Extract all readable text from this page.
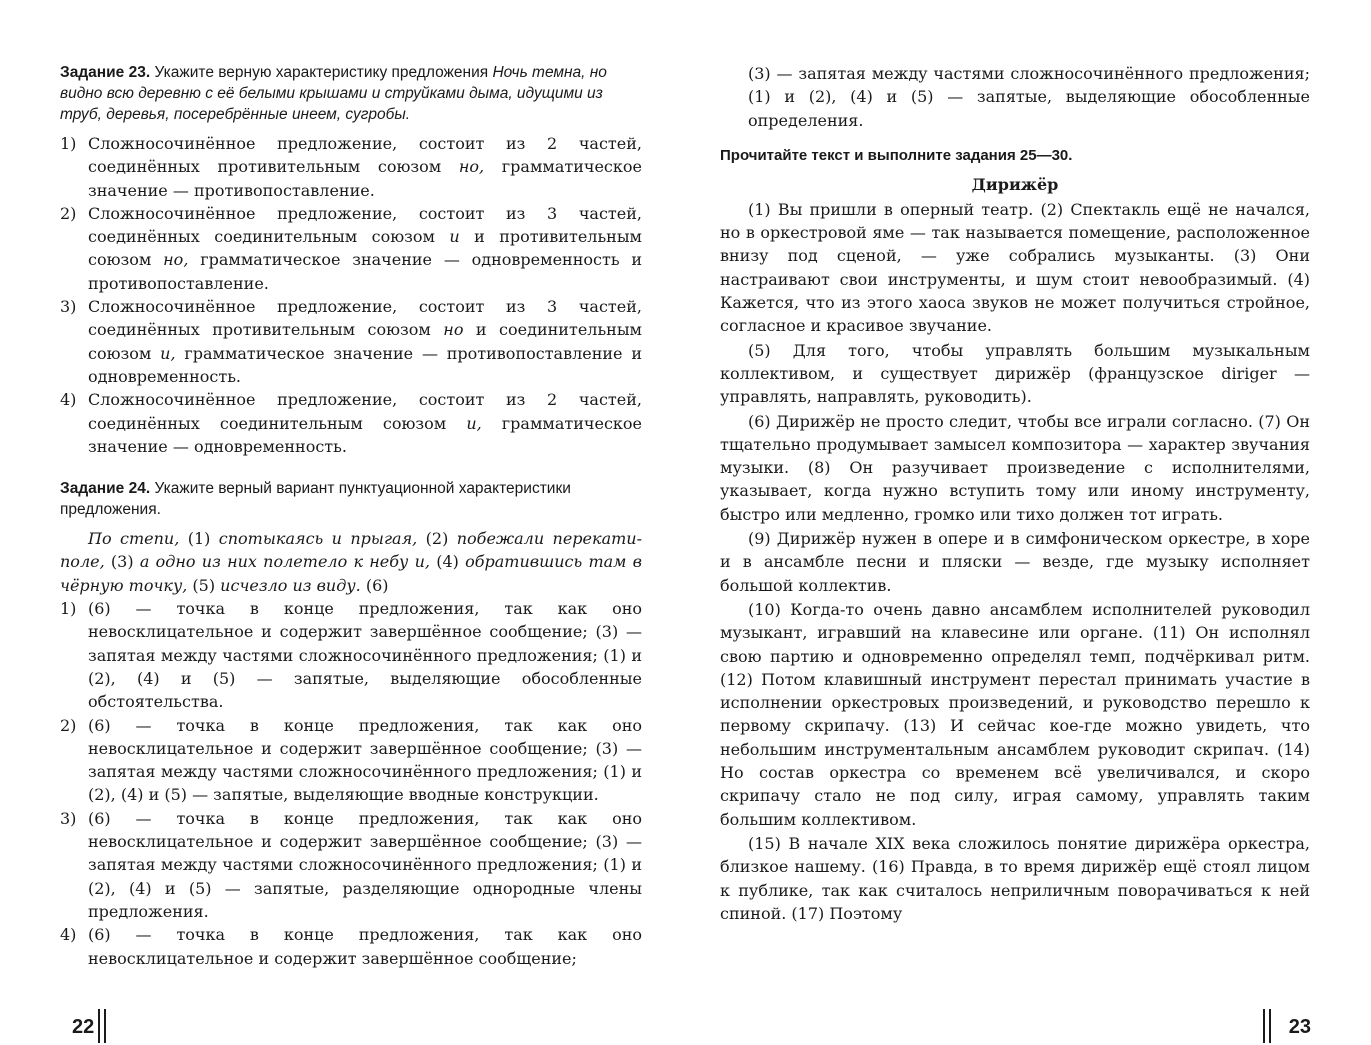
Задание 23. Укажите верную характеристику предложения Ночь темна, но видно всю деревню с её белыми крышами и струйками дыма, идущими из труб, деревья, посеребрённые инеем, сугробы.
1) Сложносочинённое предложение, состоит из 2 частей, соединённых противительным союзом но, грамматическое значение — противопоставление.
2) Сложносочинённое предложение, состоит из 3 частей, соединённых соединительным союзом и и противительным союзом но, грамматическое значение — одновременность и противопоставление.
3) Сложносочинённое предложение, состоит из 3 частей, соединённых противительным союзом но и соединительным союзом и, грамматическое значение — противопоставление и одновременность.
4) Сложносочинённое предложение, состоит из 2 частей, соединённых соединительным союзом и, грамматическое значение — одновременность.
Задание 24. Укажите верный вариант пунктуационной характеристики предложения.
По степи, (1) спотыкаясь и прыгая, (2) побежали перекати-поле, (3) а одно из них полетело к небу и, (4) обратившись там в чёрную точку, (5) исчезло из виду. (6)
1) (6) — точка в конце предложения, так как оно невосклицательное и содержит завершённое сообщение; (3) — запятая между частями сложносочинённого предложения; (1) и (2), (4) и (5) — запятые, выделяющие обособленные обстоятельства.
2) (6) — точка в конце предложения, так как оно невосклицательное и содержит завершённое сообщение; (3) — запятая между частями сложносочинённого предложения; (1) и (2), (4) и (5) — запятые, выделяющие вводные конструкции.
3) (6) — точка в конце предложения, так как оно невосклицательное и содержит завершённое сообщение; (3) — запятая между частями сложносочинённого предложения; (1) и (2), (4) и (5) — запятые, разделяющие однородные члены предложения.
4) (6) — точка в конце предложения, так как оно невосклицательное и содержит завершённое сообщение;
22
(3) — запятая между частями сложносочинённого предложения; (1) и (2), (4) и (5) — запятые, выделяющие обособленные определения.
Прочитайте текст и выполните задания 25—30.
Дирижёр
(1) Вы пришли в оперный театр. (2) Спектакль ещё не начался, но в оркестровой яме — так называется помещение, расположенное внизу под сценой, — уже собрались музыканты. (3) Они настраивают свои инструменты, и шум стоит невообразимый. (4) Кажется, что из этого хаоса звуков не может получиться стройное, согласное и красивое звучание.
(5) Для того, чтобы управлять большим музыкальным коллективом, и существует дирижёр (французское diriger — управлять, направлять, руководить).
(6) Дирижёр не просто следит, чтобы все играли согласно. (7) Он тщательно продумывает замысел композитора — характер звучания музыки. (8) Он разучивает произведение с исполнителями, указывает, когда нужно вступить тому или иному инструменту, быстро или медленно, громко или тихо должен тот играть.
(9) Дирижёр нужен в опере и в симфоническом оркестре, в хоре и в ансамбле песни и пляски — везде, где музыку исполняет большой коллектив.
(10) Когда-то очень давно ансамблем исполнителей руководил музыкант, игравший на клавесине или органе. (11) Он исполнял свою партию и одновременно определял темп, подчёркивал ритм. (12) Потом клавишный инструмент перестал принимать участие в исполнении оркестровых произведений, и руководство перешло к первому скрипачу. (13) И сейчас кое-где можно увидеть, что небольшим инструментальным ансамблем руководит скрипач. (14) Но состав оркестра со временем всё увеличивался, и скоро скрипачу стало не под силу, играя самому, управлять таким большим коллективом.
(15) В начале XIX века сложилось понятие дирижёра оркестра, близкое нашему. (16) Правда, в то время дирижёр ещё стоял лицом к публике, так как считалось неприличным поворачиваться к ней спиной. (17) Поэтому
23
